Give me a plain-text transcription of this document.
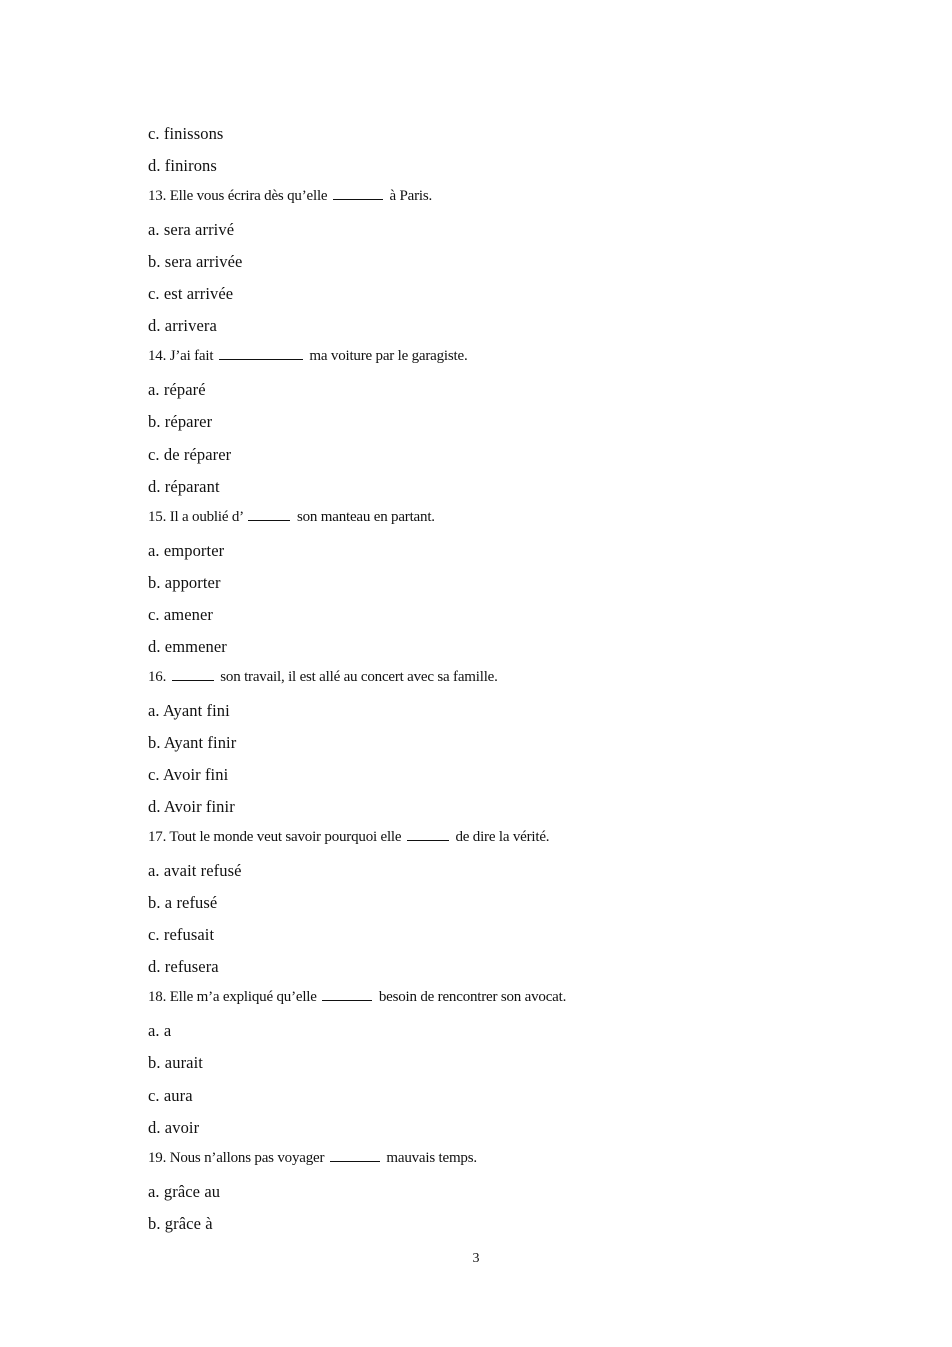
3
c. finissons
d. finirons
13. Elle vous écrira dès qu’elle	à Paris.
a. sera arrivé
b. sera arrivée
c. est arrivée
d. arrivera
14. J’ai fait	ma voiture par le garagiste.
a. réparé
b. réparer
c. de réparer
d. réparant
15. Il a oublié d’	son manteau en partant.
a. emporter
b. apporter
c. amener
d. emmener
16.	son travail, il est allé au concert avec sa famille.
a. Ayant fini
b. Ayant finir
c. Avoir fini
d. Avoir finir
17. Tout le monde veut savoir pourquoi elle	de dire la vérité.
a. avait refusé
b. a refusé
c. refusait
d. refusera
18. Elle m’a expliqué qu’elle	besoin de rencontrer son avocat.
a. a
b. aurait
c. aura
d. avoir
19. Nous n’allons pas voyager	mauvais temps.
a. grâce au
b. grâce à
